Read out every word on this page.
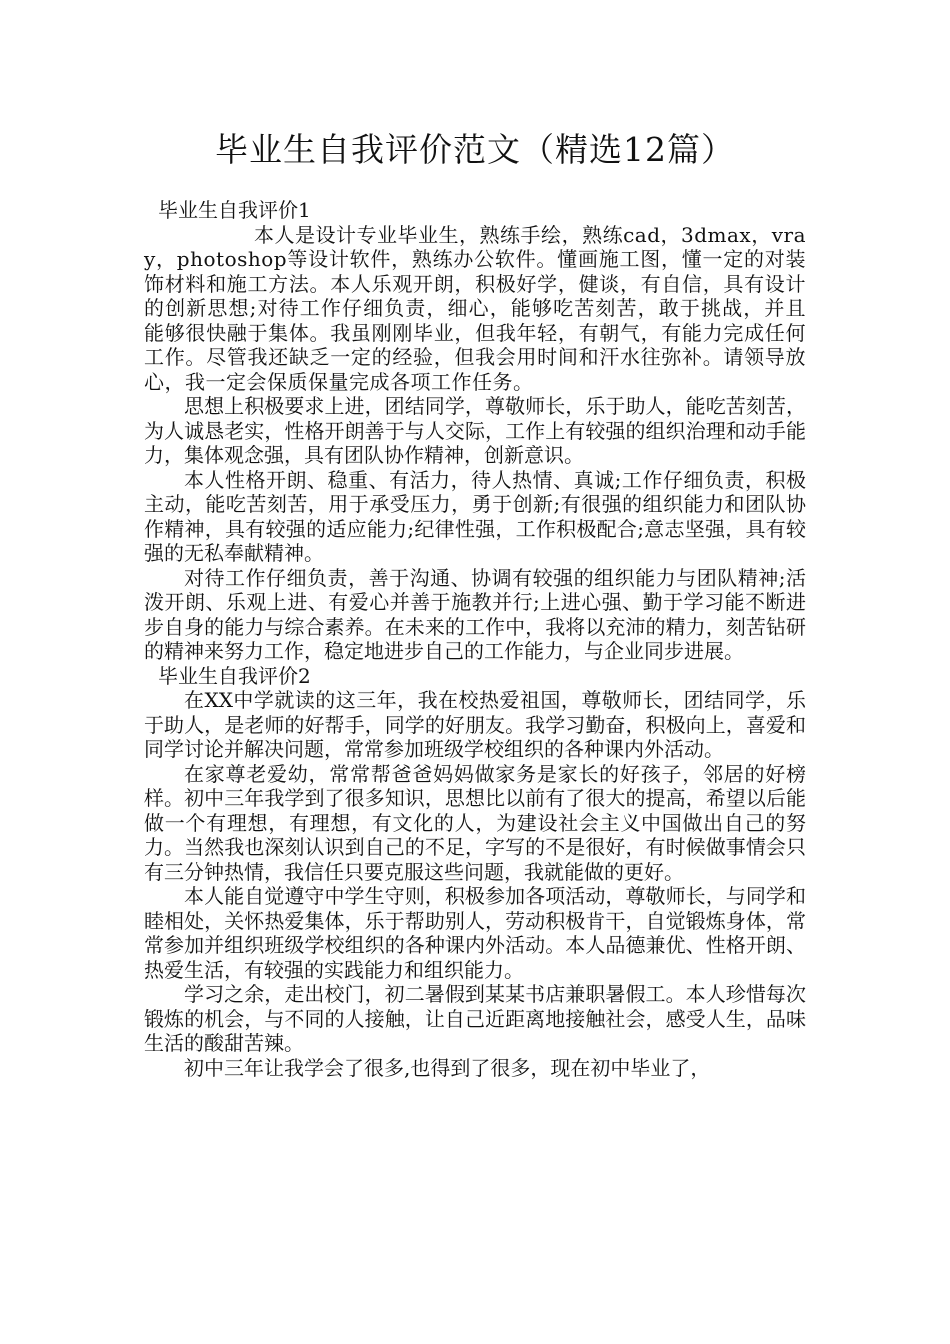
毕业生自我评价范文（精选12篇）
毕业生自我评价1

本人是设计专业毕业生，熟练手绘，熟练cad，3dmax，vray，photoshop等设计软件，熟练办公软件。懂画施工图，懂一定的对装饰材料和施工方法。本人乐观开朗，积极好学，健谈，有自信，具有设计的创新思想;对待工作仔细负责，细心，能够吃苦刻苦，敢于挑战，并且能够很快融于集体。我虽刚刚毕业，但我年轻，有朝气，有能力完成任何工作。尽管我还缺乏一定的经验，但我会用时间和汗水往弥补。请领导放心，我一定会保质保量完成各项工作任务。

思想上积极要求上进，团结同学，尊敬师长，乐于助人，能吃苦刻苦，为人诚恳老实，性格开朗善于与人交际，工作上有较强的组织治理和动手能力，集体观念强，具有团队协作精神，创新意识。

本人性格开朗、稳重、有活力，待人热情、真诚;工作仔细负责，积极主动，能吃苦刻苦，用于承受压力，勇于创新;有很强的组织能力和团队协作精神，具有较强的适应能力;纪律性强，工作积极配合;意志坚强，具有较强的无私奉献精神。

对待工作仔细负责，善于沟通、协调有较强的组织能力与团队精神;活泼开朗、乐观上进、有爱心并善于施教并行;上进心强、勤于学习能不断进步自身的能力与综合素养。在未来的工作中，我将以充沛的精力，刻苦钻研的精神来努力工作，稳定地进步自己的工作能力，与企业同步进展。

毕业生自我评价2

在XX中学就读的这三年，我在校热爱祖国，尊敬师长，团结同学，乐于助人，是老师的好帮手，同学的好朋友。我学习勤奋，积极向上，喜爱和同学讨论并解决问题，常常参加班级学校组织的各种课内外活动。

在家尊老爱幼，常常帮爸爸妈妈做家务是家长的好孩子，邻居的好榜样。初中三年我学到了很多知识，思想比以前有了很大的提高，希望以后能做一个有理想，有理想，有文化的人，为建设社会主义中国做出自己的努力。当然我也深刻认识到自己的不足，字写的不是很好，有时候做事情会只有三分钟热情，我信任只要克服这些问题，我就能做的更好。

本人能自觉遵守中学生守则，积极参加各项活动，尊敬师长，与同学和睦相处，关怀热爱集体，乐于帮助别人，劳动积极肯干，自觉锻炼身体，常常参加并组织班级学校组织的各种课内外活动。本人品德兼优、性格开朗、热爱生活，有较强的实践能力和组织能力。

学习之余，走出校门，初二暑假到某某书店兼职暑假工。本人珍惜每次锻炼的机会，与不同的人接触，让自己近距离地接触社会，感受人生，品味生活的酸甜苦辣。

初中三年让我学会了很多,也得到了很多，现在初中毕业了，
